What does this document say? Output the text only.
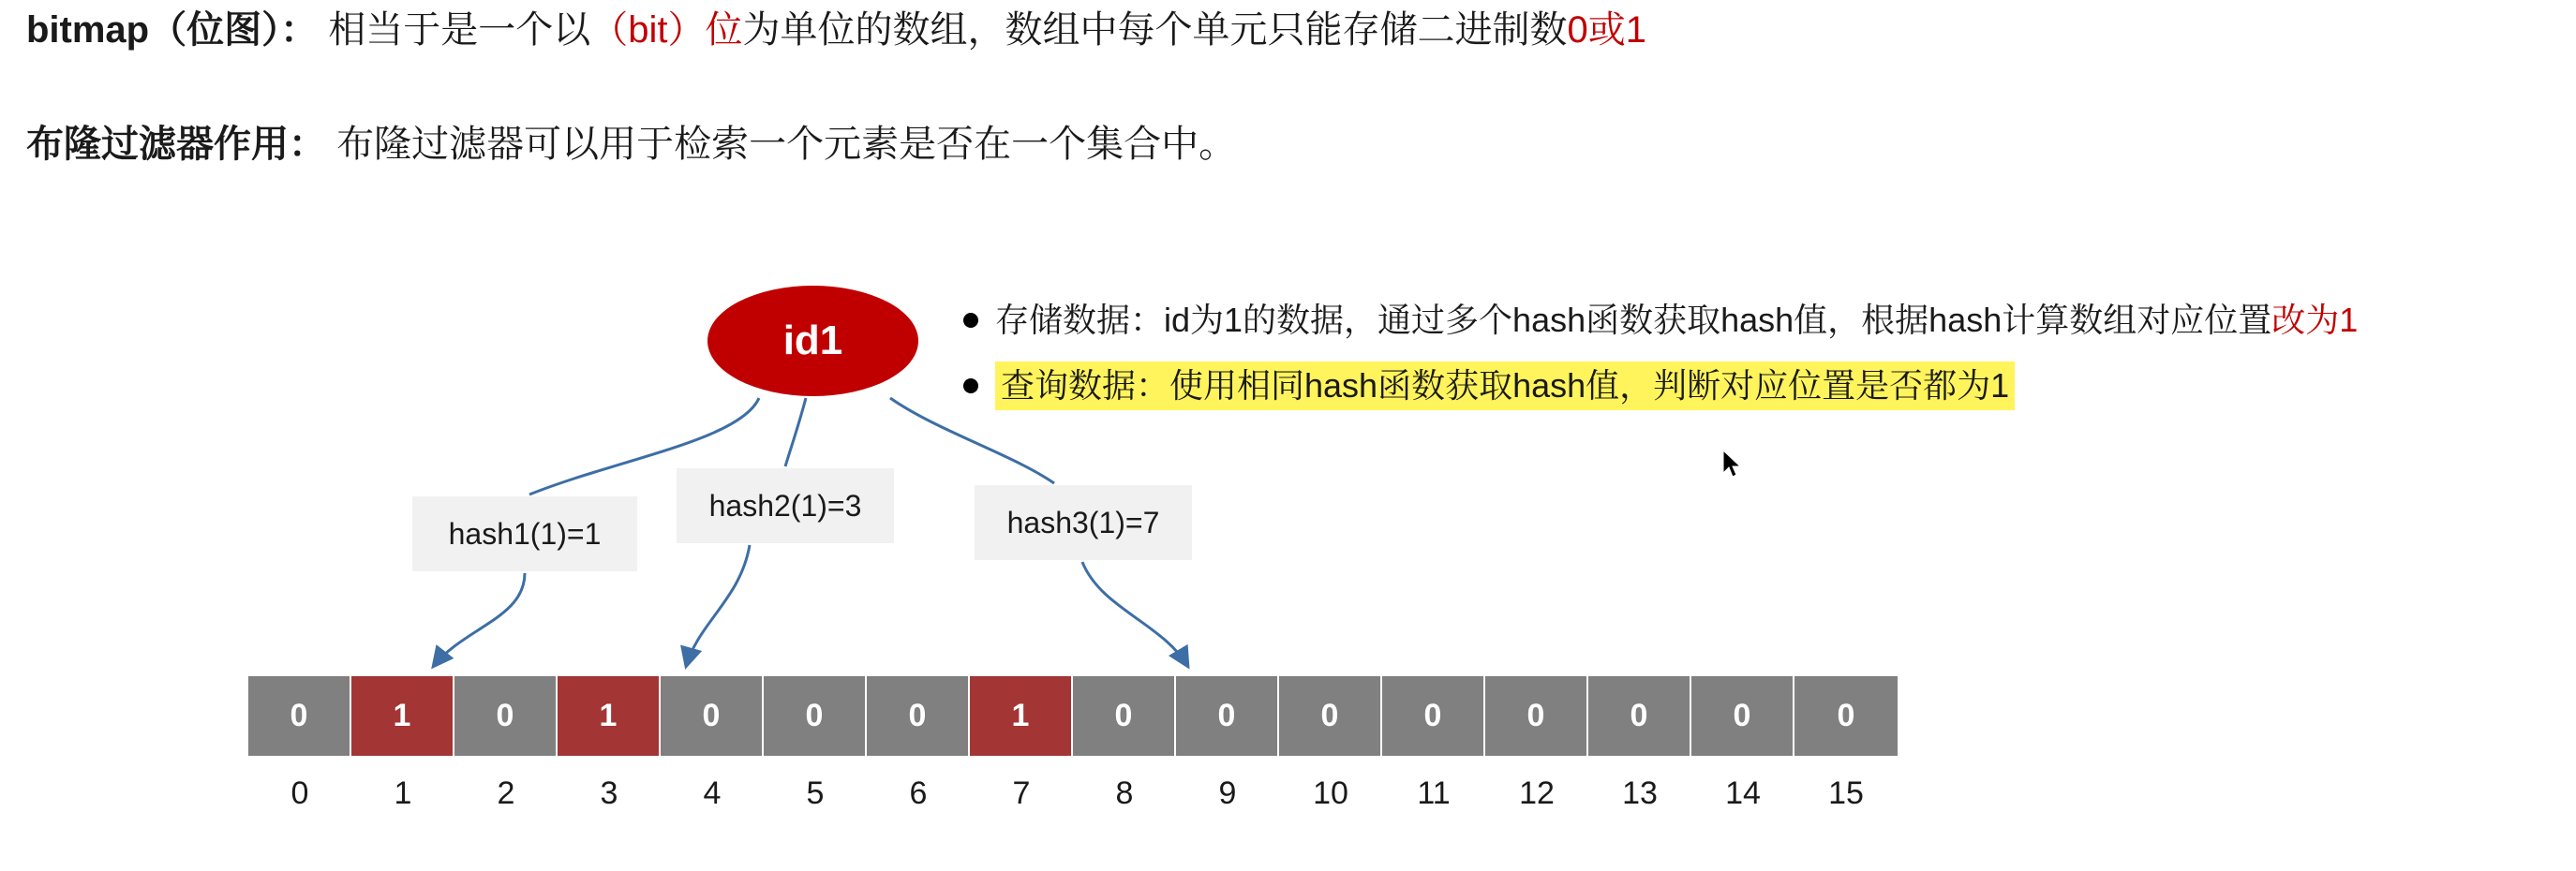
bitmap（位图）： 相当于是一个以（bit）位为单位的数组，数组中每个单元只能存储二进制数0或1
布隆过滤器作用： 布隆过滤器可以用于检索一个元素是否在一个集合中。
id1	存储数据：id为1的数据，通过多个hash函数获取hash值，根据hash计算数组对应位置改为1
查询数据：使用相同hash函数获取hash值，判断对应位置是否都为1
hash1(1)=1
hash2(1)=3	hash3(1)=7
0	1	0	1	0	0	0	1	0	0	0	0	0	0	0	0
0	1	2	3	4	5	6	7	8	9	10	11	12	13	14	15
